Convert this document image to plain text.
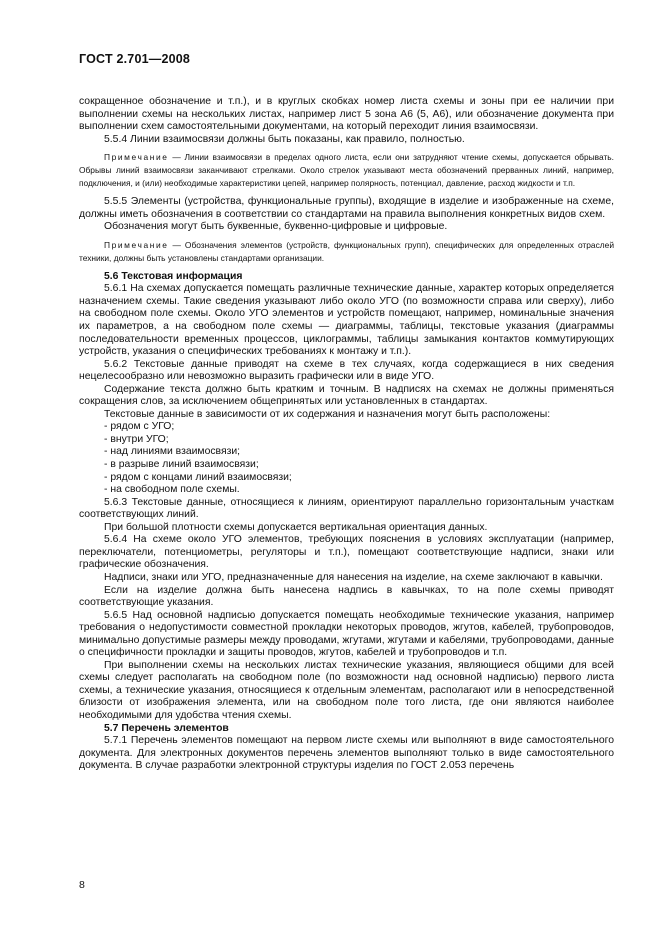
ГОСТ 2.701—2008

сокращенное обозначение и т.п.), и в круглых скобках номер листа схемы и зоны при ее наличии при выполнении схемы на нескольких листах, например лист 5 зона А6 (5, А6), или обозначение документа при выполнении схем самостоятельными документами, на который переходит линия взаимосвязи.

5.5.4 Линии взаимосвязи должны быть показаны, как правило, полностью.

Примечание — Линии взаимосвязи в пределах одного листа, если они затрудняют чтение схемы, допускается обрывать. Обрывы линий взаимосвязи заканчивают стрелками. Около стрелок указывают места обозначений прерванных линий, например, подключения, и (или) необходимые характеристики цепей, например полярность, потенциал, давление, расход жидкости и т.п.

5.5.5 Элементы (устройства, функциональные группы), входящие в изделие и изображенные на схеме, должны иметь обозначения в соответствии со стандартами на правила выполнения конкретных видов схем.

Обозначения могут быть буквенные, буквенно-цифровые и цифровые.

Примечание — Обозначения элементов (устройств, функциональных групп), специфических для определенных отраслей техники, должны быть установлены стандартами организации.

5.6 Текстовая информация

5.6.1 На схемах допускается помещать различные технические данные, характер которых определяется назначением схемы. Такие сведения указывают либо около УГО (по возможности справа или сверху), либо на свободном поле схемы. Около УГО элементов и устройств помещают, например, номинальные значения их параметров, а на свободном поле схемы — диаграммы, таблицы, текстовые указания (диаграммы последовательности временных процессов, циклограммы, таблицы замыкания контактов коммутирующих устройств, указания о специфических требованиях к монтажу и т.п.).

5.6.2 Текстовые данные приводят на схеме в тех случаях, когда содержащиеся в них сведения нецелесообразно или невозможно выразить графически или в виде УГО.

Содержание текста должно быть кратким и точным. В надписях на схемах не должны применяться сокращения слов, за исключением общепринятых или установленных в стандартах.

Текстовые данные в зависимости от их содержания и назначения могут быть расположены:

- рядом с УГО;

- внутри УГО;

- над линиями взаимосвязи;

- в разрыве линий взаимосвязи;

- рядом с концами линий взаимосвязи;

- на свободном поле схемы.

5.6.3 Текстовые данные, относящиеся к линиям, ориентируют параллельно горизонтальным участкам соответствующих линий.

При большой плотности схемы допускается вертикальная ориентация данных.

5.6.4 На схеме около УГО элементов, требующих пояснения в условиях эксплуатации (например, переключатели, потенциометры, регуляторы и т.п.), помещают соответствующие надписи, знаки или графические обозначения.

Надписи, знаки или УГО, предназначенные для нанесения на изделие, на схеме заключают в кавычки.

Если на изделие должна быть нанесена надпись в кавычках, то на поле схемы приводят соответствующие указания.

5.6.5 Над основной надписью допускается помещать необходимые технические указания, например требования о недопустимости совместной прокладки некоторых проводов, жгутов, кабелей, трубопроводов, минимально допустимые размеры между проводами, жгутами, жгутами и кабелями, трубопроводами, данные о специфичности прокладки и защиты проводов, жгутов, кабелей и трубопроводов и т.п.

При выполнении схемы на нескольких листах технические указания, являющиеся общими для всей схемы следует располагать на свободном поле (по возможности над основной надписью) первого листа схемы, а технические указания, относящиеся к отдельным элементам, располагают или в непосредственной близости от изображения элемента, или на свободном поле того листа, где они являются наиболее необходимыми для удобства чтения схемы.

5.7 Перечень элементов

5.7.1 Перечень элементов помещают на первом листе схемы или выполняют в виде самостоятельного документа. Для электронных документов перечень элементов выполняют только в виде самостоятельного документа. В случае разработки электронной структуры изделия по ГОСТ 2.053 перечень

8
